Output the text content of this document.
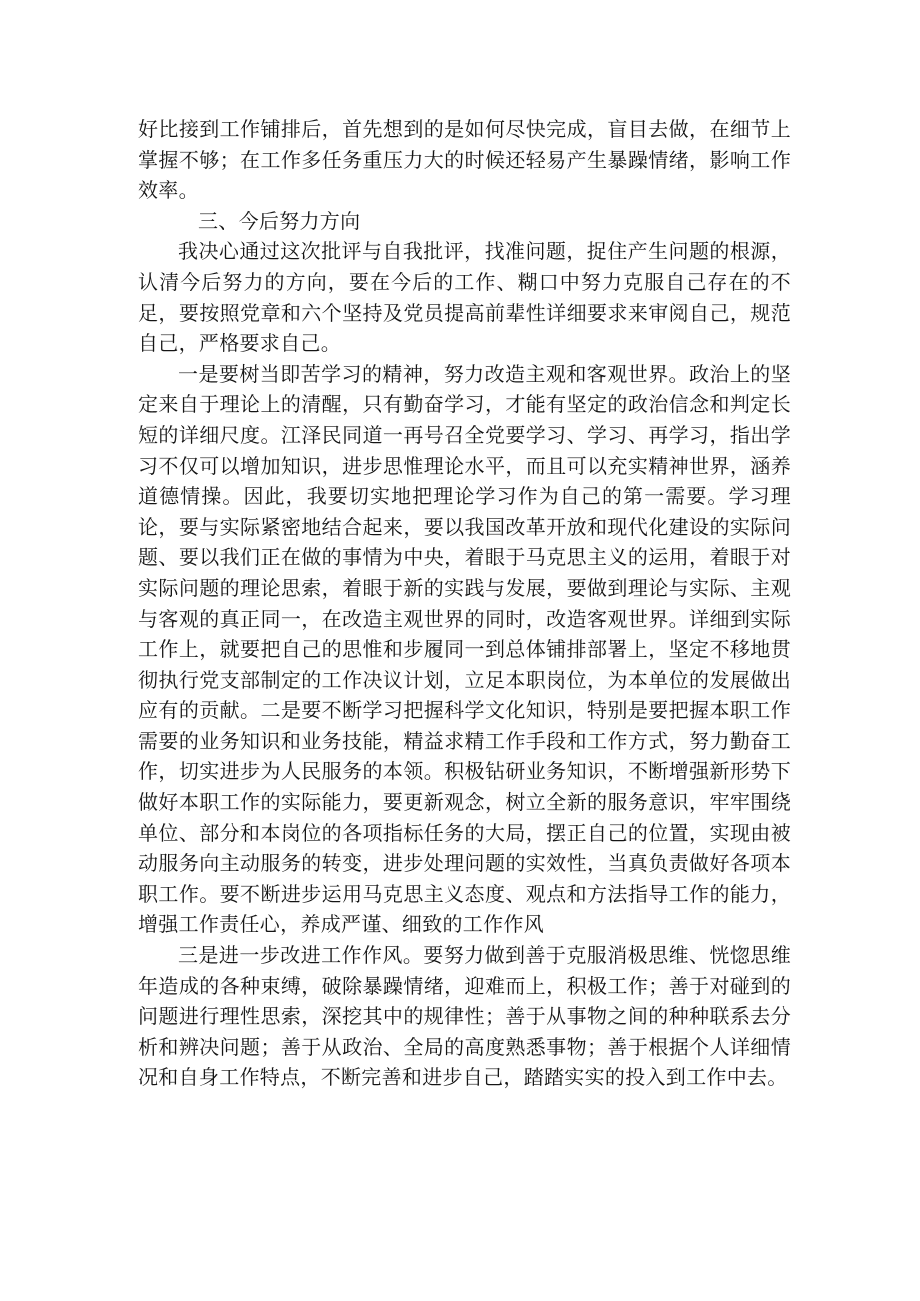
好比接到工作铺排后，首先想到的是如何尽快完成，盲目去做，在细节上掌握不够；在工作多任务重压力大的时候还轻易产生暴躁情绪，影响工作效率。

三、今后努力方向

我决心通过这次批评与自我批评，找准问题，捉住产生问题的根源，认清今后努力的方向，要在今后的工作、糊口中努力克服自己存在的不足，要按照党章和六个坚持及党员提高前辈性详细要求来审阅自己，规范自己，严格要求自己。

一是要树当即苦学习的精神，努力改造主观和客观世界。政治上的坚定来自于理论上的清醒，只有勤奋学习，才能有坚定的政治信念和判定长短的详细尺度。江泽民同道一再号召全党要学习、学习、再学习，指出学习不仅可以增加知识，进步思惟理论水平，而且可以充实精神世界，涵养道德情操。因此，我要切实地把理论学习作为自己的第一需要。学习理论，要与实际紧密地结合起来，要以我国改革开放和现代化建设的实际问题、要以我们正在做的事情为中央，着眼于马克思主义的运用，着眼于对实际问题的理论思索，着眼于新的实践与发展，要做到理论与实际、主观与客观的真正同一，在改造主观世界的同时，改造客观世界。详细到实际工作上，就要把自己的思惟和步履同一到总体铺排部署上，坚定不移地贯彻执行党支部制定的工作决议计划，立足本职岗位，为本单位的发展做出应有的贡献。二是要不断学习把握科学文化知识，特别是要把握本职工作需要的业务知识和业务技能，精益求精工作手段和工作方式，努力勤奋工作，切实进步为人民服务的本领。积极钻研业务知识，不断增强新形势下做好本职工作的实际能力，要更新观念，树立全新的服务意识，牢牢围绕单位、部分和本岗位的各项指标任务的大局，摆正自己的位置，实现由被动服务向主动服务的转变，进步处理问题的实效性，当真负责做好各项本职工作。要不断进步运用马克思主义态度、观点和方法指导工作的能力，增强工作责任心，养成严谨、细致的工作作风

三是进一步改进工作作风。要努力做到善于克服消极思维、恍惚思维年造成的各种束缚，破除暴躁情绪，迎难而上，积极工作；善于对碰到的问题进行理性思索，深挖其中的规律性；善于从事物之间的种种联系去分析和辨决问题；善于从政治、全局的高度熟悉事物；善于根据个人详细情况和自身工作特点，不断完善和进步自己，踏踏实实的投入到工作中去。
